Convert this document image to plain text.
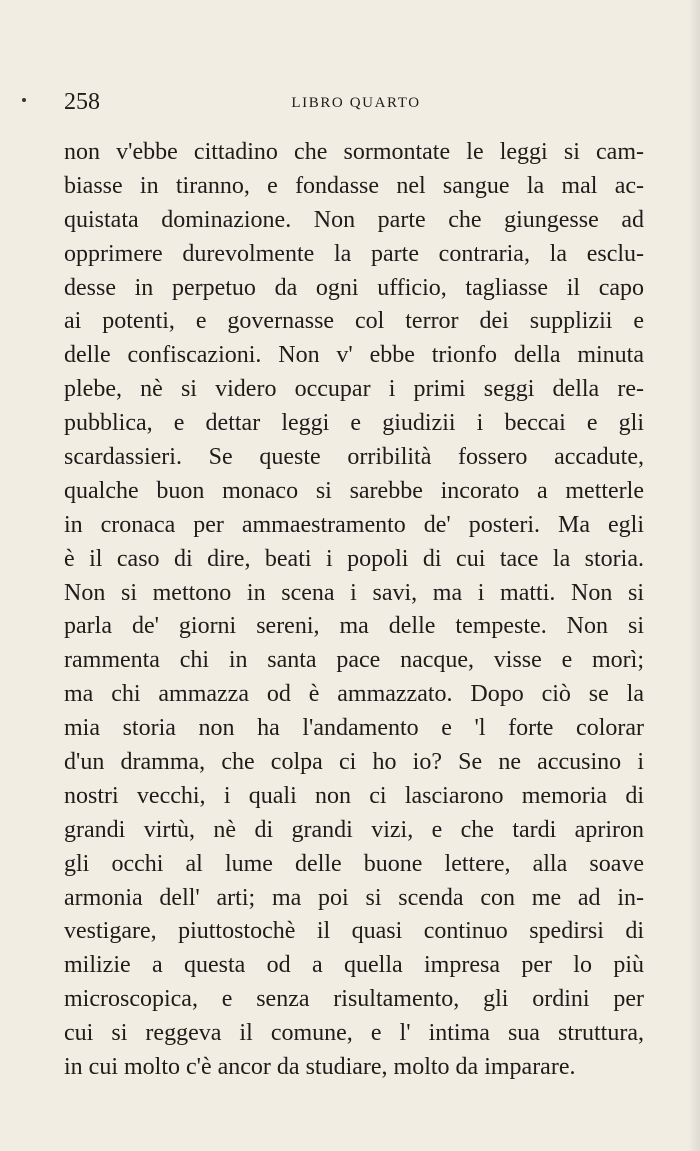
258	LIBRO QUARTO
non v'ebbe cittadino che sormontate le leggi si cam-
biasse in tiranno, e fondasse nel sangue la mal ac-
quistata dominazione. Non parte che giungesse ad
opprimere durevolmente la parte contraria, la esclu-
desse in perpetuo da ogni ufficio, tagliasse il capo
ai potenti, e governasse col terror dei supplizii e
delle confiscazioni. Non v' ebbe trionfo della minuta
plebe, nè si videro occupar i primi seggi della re-
pubblica, e dettar leggi e giudizii i beccai e gli
scardassieri. Se queste orribilità fossero accadute,
qualche buon monaco si sarebbe incorato a metterle
in cronaca per ammaestramento de' posteri. Ma egli
è il caso di dire, beati i popoli di cui tace la storia.
Non si mettono in scena i savi, ma i matti. Non si
parla de' giorni sereni, ma delle tempeste. Non si
rammenta chi in santa pace nacque, visse e morì;
ma chi ammazza od è ammazzato. Dopo ciò se la
mia storia non ha l'andamento e 'l forte colorar
d'un dramma, che colpa ci ho io? Se ne accusino i
nostri vecchi, i quali non ci lasciarono memoria di
grandi virtù, nè di grandi vizi, e che tardi apriron
gli occhi al lume delle buone lettere, alla soave
armonia dell' arti; ma poi si scenda con me ad in-
vestigare, piuttostochè il quasi continuo spedirsi di
milizie a questa od a quella impresa per lo più
microscopica, e senza risultamento, gli ordini per
cui si reggeva il comune, e l' intima sua struttura,
in cui molto c'è ancor da studiare, molto da imparare.
